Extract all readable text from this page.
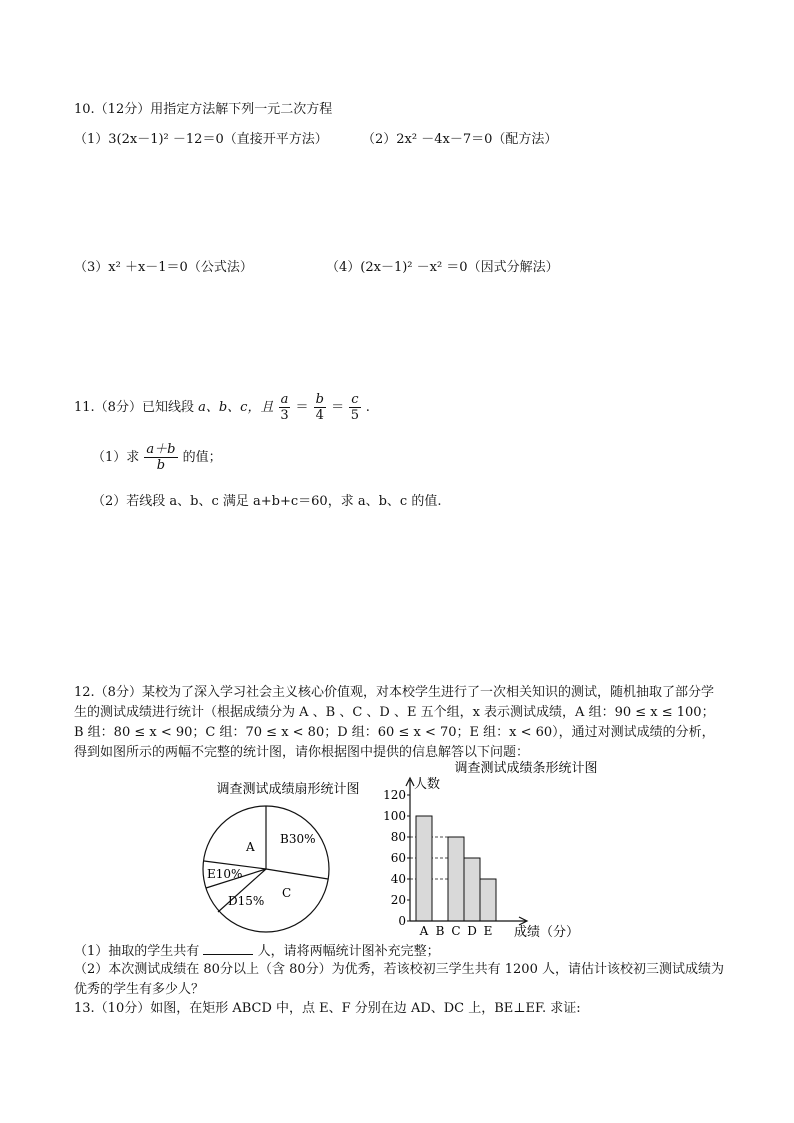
10.（12分）用指定方法解下列一元二次方程
（1）3(2x－1)² －12＝0（直接开平方法）	（2）2x² －4x－7＝0（配方法）
（3）x² ＋x－1＝0（公式法）	（4）(2x－1)² －x² ＝0（因式分解法）
11.（8分）已知线段 a、b、c，且 $\frac{a}{3} = \frac{b}{4} = \frac{c}{5}$ .
（1）求 $\frac{a+b}{b}$ 的值；
（2）若线段 a、b、c 满足 a+b+c＝60，求 a、b、c 的值.
12.（8分）某校为了深入学习社会主义核心价值观，对本校学生进行了一次相关知识的测试，随机抽取了部分学生的测试成绩进行统计（根据成绩分为 A 、B 、C 、D 、E 五个组，x 表示测试成绩，A 组：90 ≤ x ≤ 100；B 组：80 ≤ x < 90；C 组：70 ≤ x < 80；D 组：60 ≤ x < 70；E 组：x < 60），通过对测试成绩的分析，得到如图所示的两幅不完整的统计图，请你根据图中提供的信息解答以下问题：
调查测试成绩扇形统计图
A
B30%
C
D15%
E10%
调查测试成绩条形统计图
人数
成绩（分）
0
20
40
60
80
100
120
A B C D E
（1）抽取的学生共有	人，请将两幅统计图补充完整；
（2）本次测试成绩在 80分以上（含 80分）为优秀，若该校初三学生共有 1200 人，请估计该校初三测试成绩为优秀的学生有多少人？
13.（10分）如图，在矩形 ABCD 中，点 E、F 分别在边 AD、DC 上，BE⊥EF. 求证:
